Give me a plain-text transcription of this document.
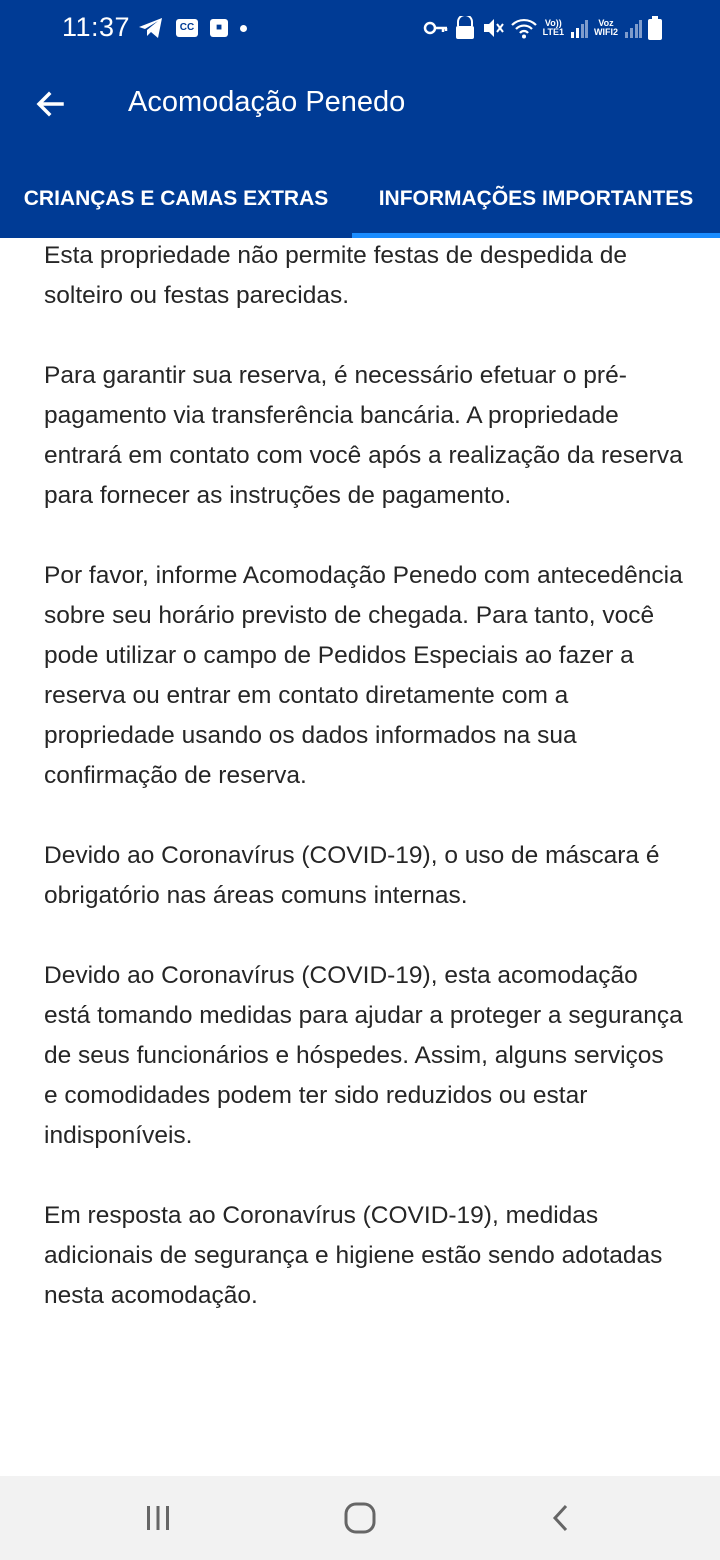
11:37	CC	■	Vo))
LTE1
Voz
WIFI2
Acomodação Penedo
CRIANÇAS E CAMAS EXTRAS	INFORMAÇÕES IMPORTANTES

Esta propriedade não permite festas de despedida de solteiro ou festas parecidas.

Para garantir sua reserva, é necessário efetuar o pré-pagamento via transferência bancária. A propriedade entrará em contato com você após a realização da reserva para fornecer as instruções de pagamento.

Por favor, informe Acomodação Penedo com antecedência sobre seu horário previsto de chegada. Para tanto, você pode utilizar o campo de Pedidos Especiais ao fazer a reserva ou entrar em contato diretamente com a propriedade usando os dados informados na sua confirmação de reserva.

Devido ao Coronavírus (COVID-19), o uso de máscara é obrigatório nas áreas comuns internas.

Devido ao Coronavírus (COVID-19), esta acomodação está tomando medidas para ajudar a proteger a segurança de seus funcionários e hóspedes. Assim, alguns serviços e comodidades podem ter sido reduzidos ou estar indisponíveis.

Em resposta ao Coronavírus (COVID-19), medidas adicionais de segurança e higiene estão sendo adotadas nesta acomodação.
